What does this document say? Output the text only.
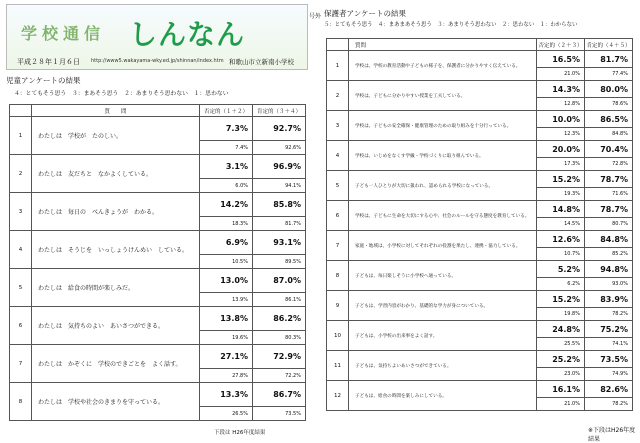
学校通信 しんなん
号外
平成２８年１月６日 http://www5.wakayama-wky.ed.jp/shinnan/index.htm 和歌山市立新南小学校
児童アンケートの結果
４：とてもそう思う　３：まあそう思う　２：あまりそう思わない　１：思わない
	質　　問	否定的（１＋２）	肯定的（３＋４）
1	わたしは　学校が　たのしい。	7.3%	92.7%
		7.4%	92.6%
2	わたしは　友だちと　なかよくしている。	3.1%	96.9%
		6.0%	94.1%
3	わたしは　毎日の　べんきょうが　わかる。	14.2%	85.8%
		18.3%	81.7%
4	わたしは　そうじを　いっしょうけんめい　している。	6.9%	93.1%
		10.5%	89.5%
5	わたしは　給食の時間が楽しみだ。	13.0%	87.0%
		13.9%	86.1%
6	わたしは　気持ちのよい　あいさつができる。	13.8%	86.2%
		19.6%	80.3%
7	わたしは　かぞくに　学校のできごとを　よく話す。	27.1%	72.9%
		27.8%	72.2%
8	わたしは　学校や社会のきまりを守っている。	13.3%	86.7%
		26.5%	73.5%
下段は H26年度結果
保護者アンケートの結果
５：とてもそう思う　４：まあまあそう思う　３：あまりそう思わない　２：思わない　１：わからない
	質問	否定的（２＋３）	肯定的（４＋５）
1	学校は、学校の教育活動や子どもの様子を、保護者に分かりやすく伝えている。	16.5%	81.7%
		21.0%	77.4%
2	学校は、子どもに分かりやすい授業を工夫している。	14.3%	80.0%
		12.8%	78.6%
3	学校は、子どもの安全確保・健康管理のための取り組みを十分行っている。	10.0%	86.5%
		12.3%	84.8%
4	学校は、いじめをなくす学級・学校づくりに取り組んでいる。	20.0%	70.4%
		17.3%	72.8%
5	子ども一人ひとりが大切に扱われ、認められる学校になっている。	15.2%	78.7%
		19.3%	71.6%
6	学校は、子どもに生命を大切にする心や、社会のルールを守る態度を教育している。	14.8%	78.7%
		14.5%	80.7%
7	家庭・地域は、小学校に対してそれぞれの役割を果たし、連携・協力している。	12.6%	84.8%
		10.7%	85.2%
8	子どもは、毎日楽しそうに小学校へ通っている。	5.2%	94.8%
		6.2%	93.0%
9	子どもは、学習内容がわかり、基礎的な学力が身についている。	15.2%	83.9%
		19.8%	78.2%
10	子どもは、小学校の出来事をよく話す。	24.8%	75.2%
		25.5%	74.1%
11	子どもは、気持ちよいあいさつができている。	25.2%	73.5%
		23.0%	74.9%
12	子どもは、給食の時間を楽しみにしている。	16.1%	82.6%
		21.0%	78.2%
※下段はH26年度結果
